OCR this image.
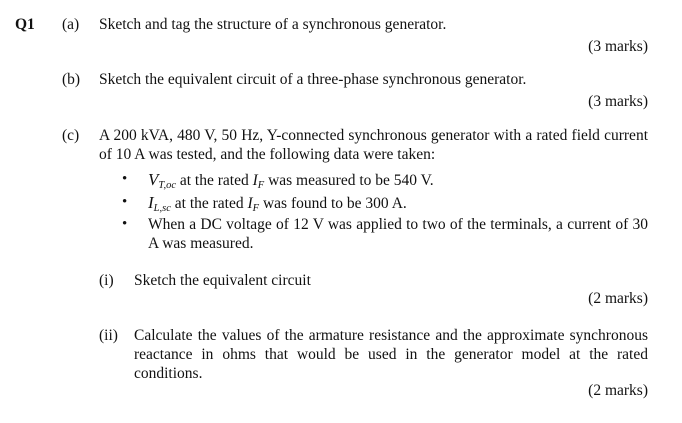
Q1 (a) Sketch and tag the structure of a synchronous generator.
(3 marks)
(b) Sketch the equivalent circuit of a three-phase synchronous generator.
(3 marks)
(c) A 200 kVA, 480 V, 50 Hz, Y-connected synchronous generator with a rated field current of 10 A was tested, and the following data were taken:
• $V_{T,oc}$ at the rated $I_F$ was measured to be 540 V.
• $I_{L,sc}$ at the rated $I_F$ was found to be 300 A.
• When a DC voltage of 12 V was applied to two of the terminals, a current of 30 A was measured.
(i) Sketch the equivalent circuit
(2 marks)
(ii) Calculate the values of the armature resistance and the approximate synchronous reactance in ohms that would be used in the generator model at the rated conditions.
(2 marks)
